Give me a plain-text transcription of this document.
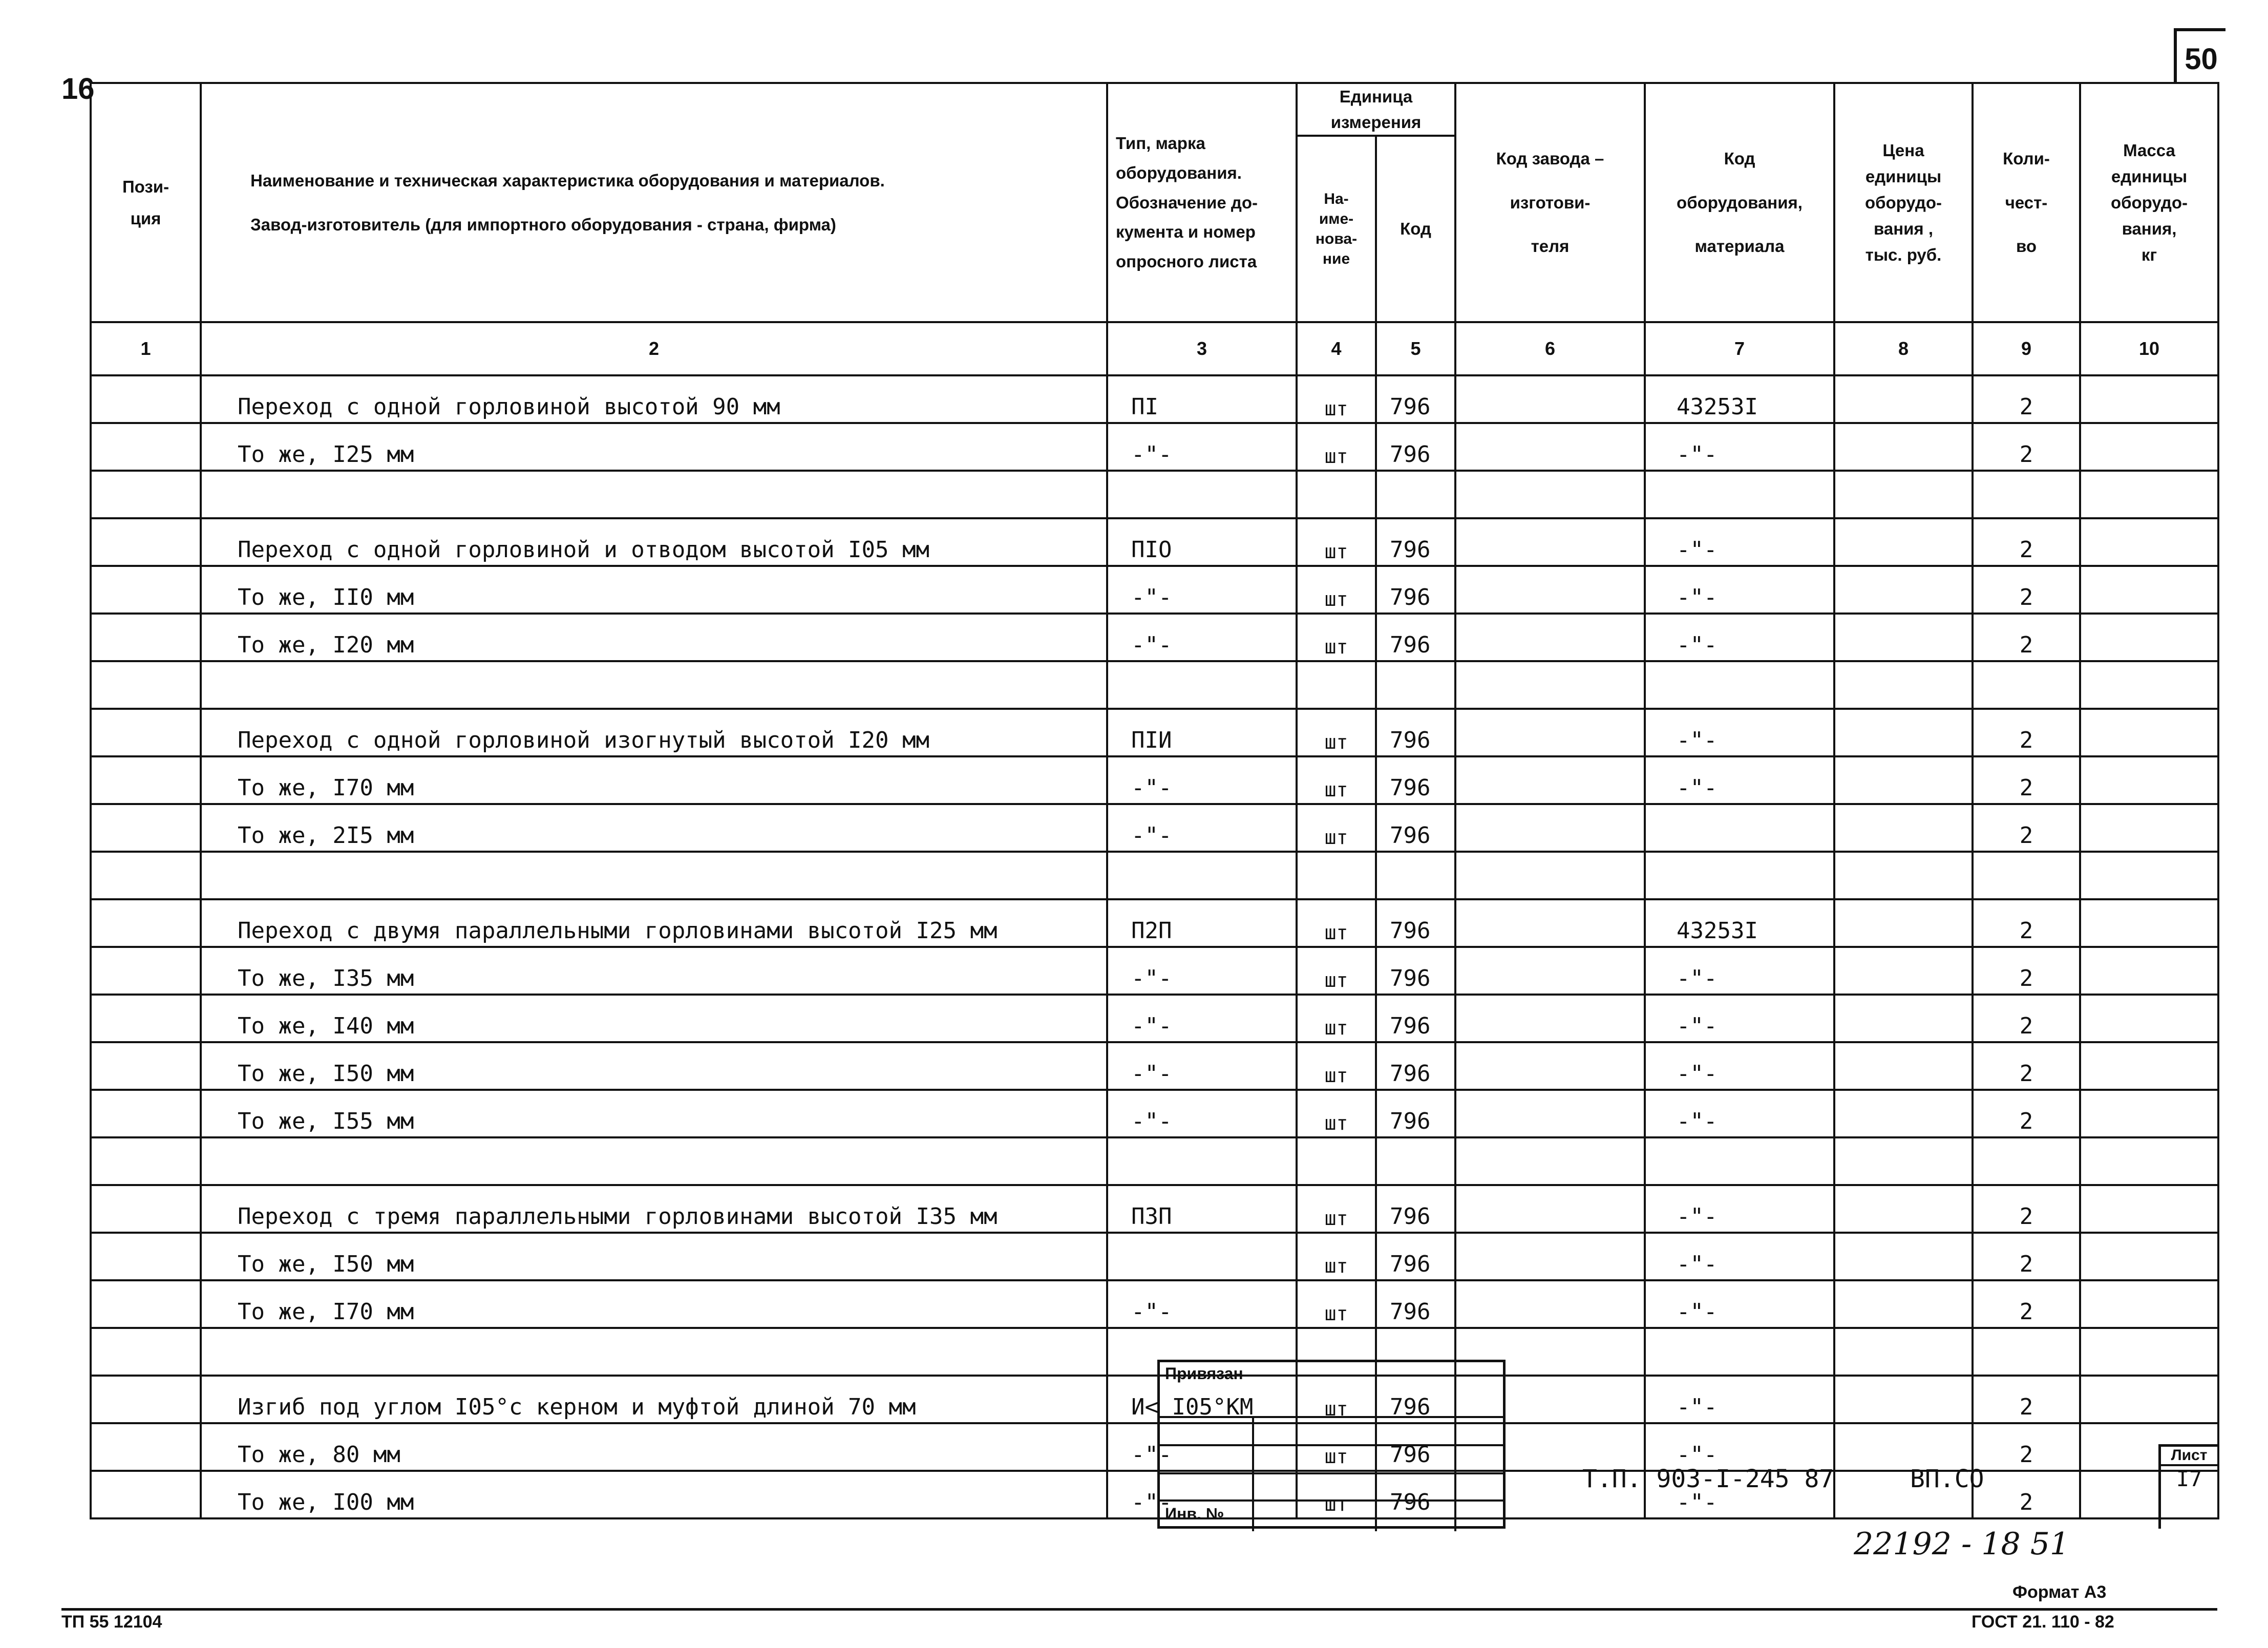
16
50
Пози-
ция	Наименование и техническая характеристика оборудования и материалов.
Завод-изготовитель (для импортного оборудования - страна, фирма)	Тип, марка
оборудования.
Обозначение до-
кумента и номер
опросного листа	
Единица
измерения
На-
име-
нова-
ние	Код
	Код завода –
изготови-
теля	Код
оборудования,
материала	Цена
единицы
оборудо-
вания ,
тыс. руб.	Коли-
чест-
во	Масса
единицы
оборудо-
вания,
кг
1	2	3	4	5	6	7	8	9	10
	Переход с одной горловиной высотой 90 мм	ПI	шт	796		43253I		2	
	То же, I25 мм	-"-	шт	796		-"-		2	

	Переход с одной горловиной и отводом высотой I05 мм	ПIO	шт	796		-"-		2	
	То же, II0 мм	-"-	шт	796		-"-		2	
	То же, I20 мм	-"-	шт	796		-"-		2	

	Переход с одной горловиной изогнутый высотой I20 мм	ПIИ	шт	796		-"-		2	
	То же, I70 мм	-"-	шт	796		-"-		2	
	То же, 2I5 мм	-"-	шт	796				2	

	Переход с двумя параллельными горловинами высотой I25 мм	П2П	шт	796		43253I		2	
	То же, I35 мм	-"-	шт	796		-"-		2	
	То же, I40 мм	-"-	шт	796		-"-		2	
	То же, I50 мм	-"-	шт	796		-"-		2	
	То же, I55 мм	-"-	шт	796		-"-		2	

	Переход с тремя параллельными горловинами высотой I35 мм	П3П	шт	796		-"-		2	
	То же, I50 мм		шт	796		-"-		2	
	То же, I70 мм	-"-	шт	796		-"-		2	

	Изгиб под углом I05°с керном и муфтой длиной 70 мм	И< I05°КМ	шт	796		-"-		2	
	То же, 80 мм	-"-	шт	796		-"-		2	
	То же, I00 мм	-"-	шт	796		-"-		2	
Привязан
Инв. №
Т.П. 903-I-245 87	ВП.СО
Лист
I7
22192 - 18 51
Формат А3
ТП 55 12104	ГОСТ 21. 110 - 82
